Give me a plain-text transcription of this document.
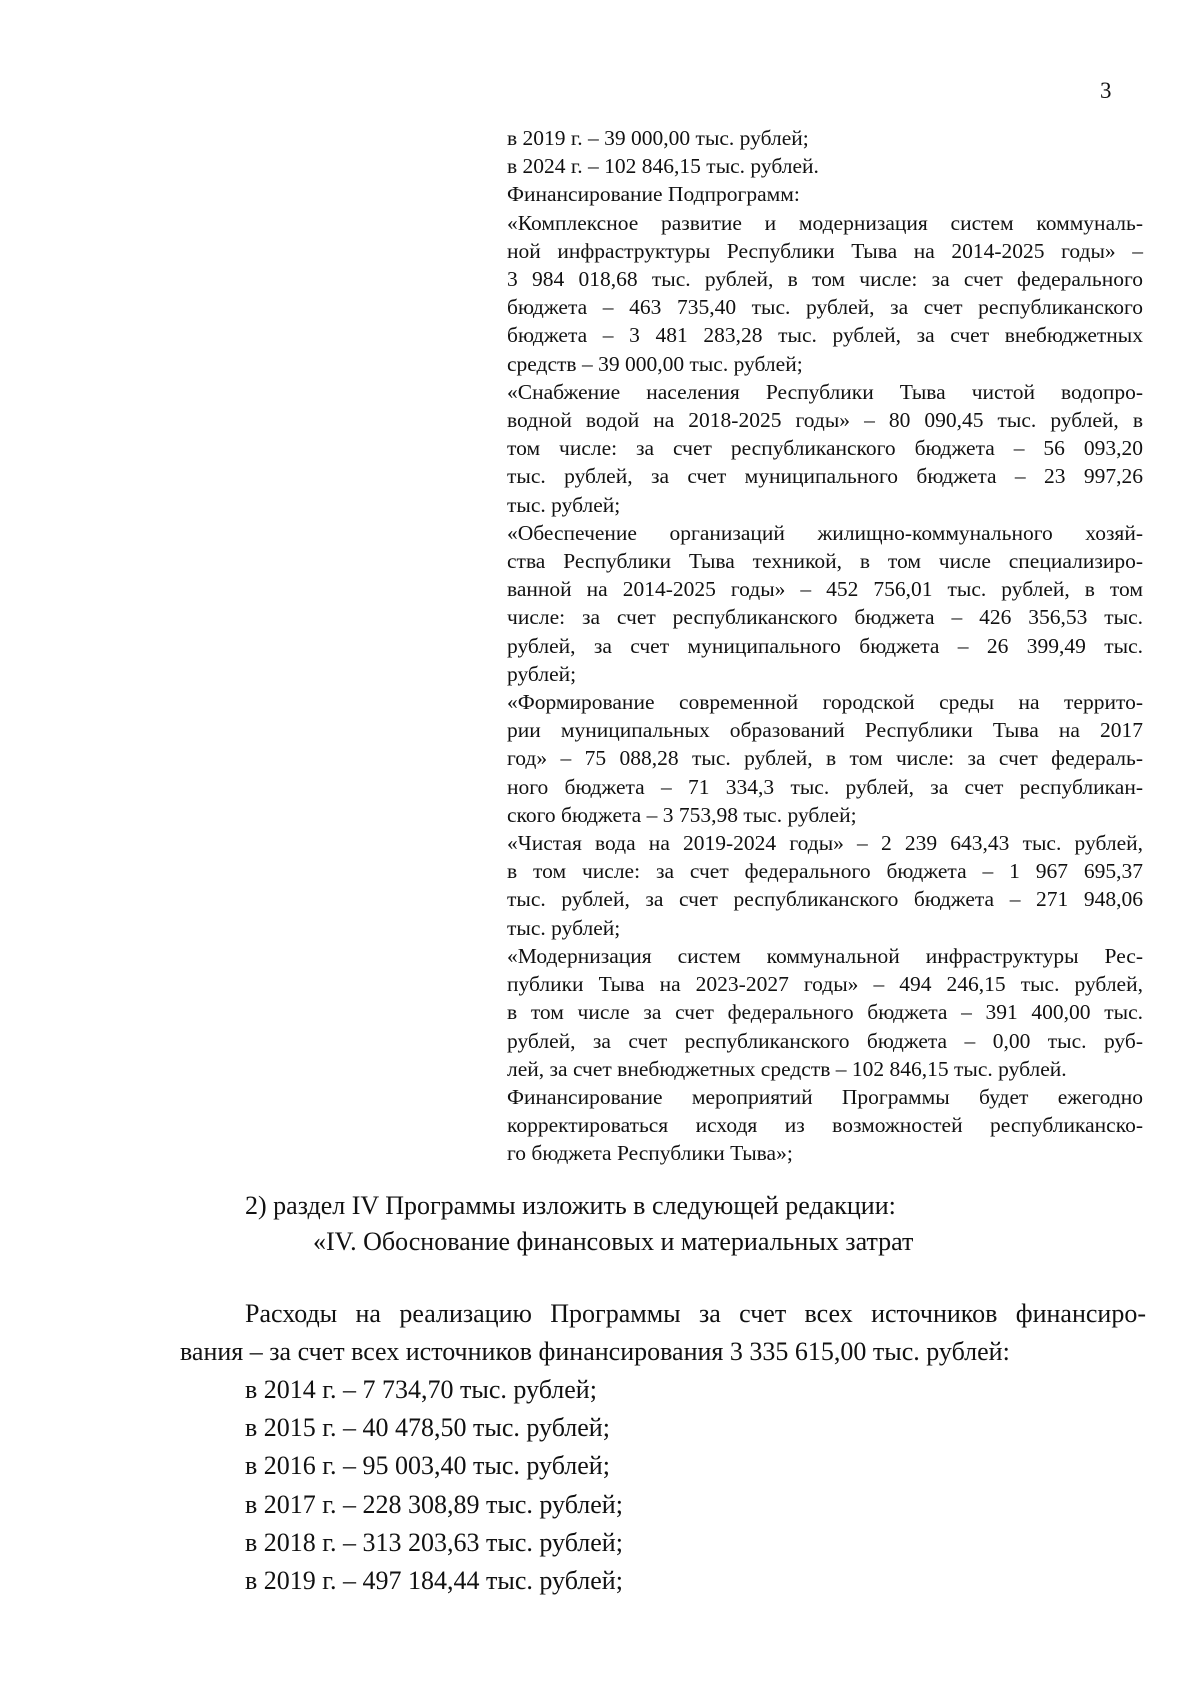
3
в 2019 г. – 39 000,00 тыс. рублей;
в 2024 г. – 102 846,15 тыс. рублей.
Финансирование Подпрограмм:
«Комплексное развитие и модернизация систем коммуналь-
ной инфраструктуры Республики Тыва на 2014-2025 годы» –
3 984 018,68 тыс. рублей, в том числе: за счет федерального
бюджета – 463 735,40 тыс. рублей, за счет республиканского
бюджета – 3 481 283,28 тыс. рублей, за счет внебюджетных
средств – 39 000,00 тыс. рублей;
«Снабжение населения Республики Тыва чистой водопро-
водной водой на 2018-2025 годы» – 80 090,45 тыс. рублей, в
том числе: за счет республиканского бюджета – 56 093,20
тыс. рублей, за счет муниципального бюджета – 23 997,26
тыс. рублей;
«Обеспечение организаций жилищно-коммунального хозяй-
ства Республики Тыва техникой, в том числе специализиро-
ванной на 2014-2025 годы» – 452 756,01 тыс. рублей, в том
числе: за счет республиканского бюджета – 426 356,53 тыс.
рублей, за счет муниципального бюджета – 26 399,49 тыс.
рублей;
«Формирование современной городской среды на террито-
рии муниципальных образований Республики Тыва на 2017
год» – 75 088,28 тыс. рублей, в том числе: за счет федераль-
ного бюджета – 71 334,3 тыс. рублей, за счет республикан-
ского бюджета – 3 753,98 тыс. рублей;
«Чистая вода на 2019-2024 годы» – 2 239 643,43 тыс. рублей,
в том числе: за счет федерального бюджета – 1 967 695,37
тыс. рублей, за счет республиканского бюджета – 271 948,06
тыс. рублей;
«Модернизация систем коммунальной инфраструктуры Рес-
публики Тыва на 2023-2027 годы» – 494 246,15 тыс. рублей,
в том числе за счет федерального бюджета – 391 400,00 тыс.
рублей, за счет республиканского бюджета – 0,00 тыс. руб-
лей, за счет внебюджетных средств – 102 846,15 тыс. рублей.
Финансирование мероприятий Программы будет ежегодно
корректироваться исходя из возможностей республиканско-
го бюджета Республики Тыва»;
2) раздел IV Программы изложить в следующей редакции:
«IV. Обоснование финансовых и материальных затрат
Расходы на реализацию Программы за счет всех источников финансиро-
вания – за счет всех источников финансирования 3 335 615,00 тыс. рублей:
в 2014 г. – 7 734,70 тыс. рублей;
в 2015 г. – 40 478,50 тыс. рублей;
в 2016 г. – 95 003,40 тыс. рублей;
в 2017 г. – 228 308,89 тыс. рублей;
в 2018 г. – 313 203,63 тыс. рублей;
в 2019 г. – 497 184,44 тыс. рублей;
